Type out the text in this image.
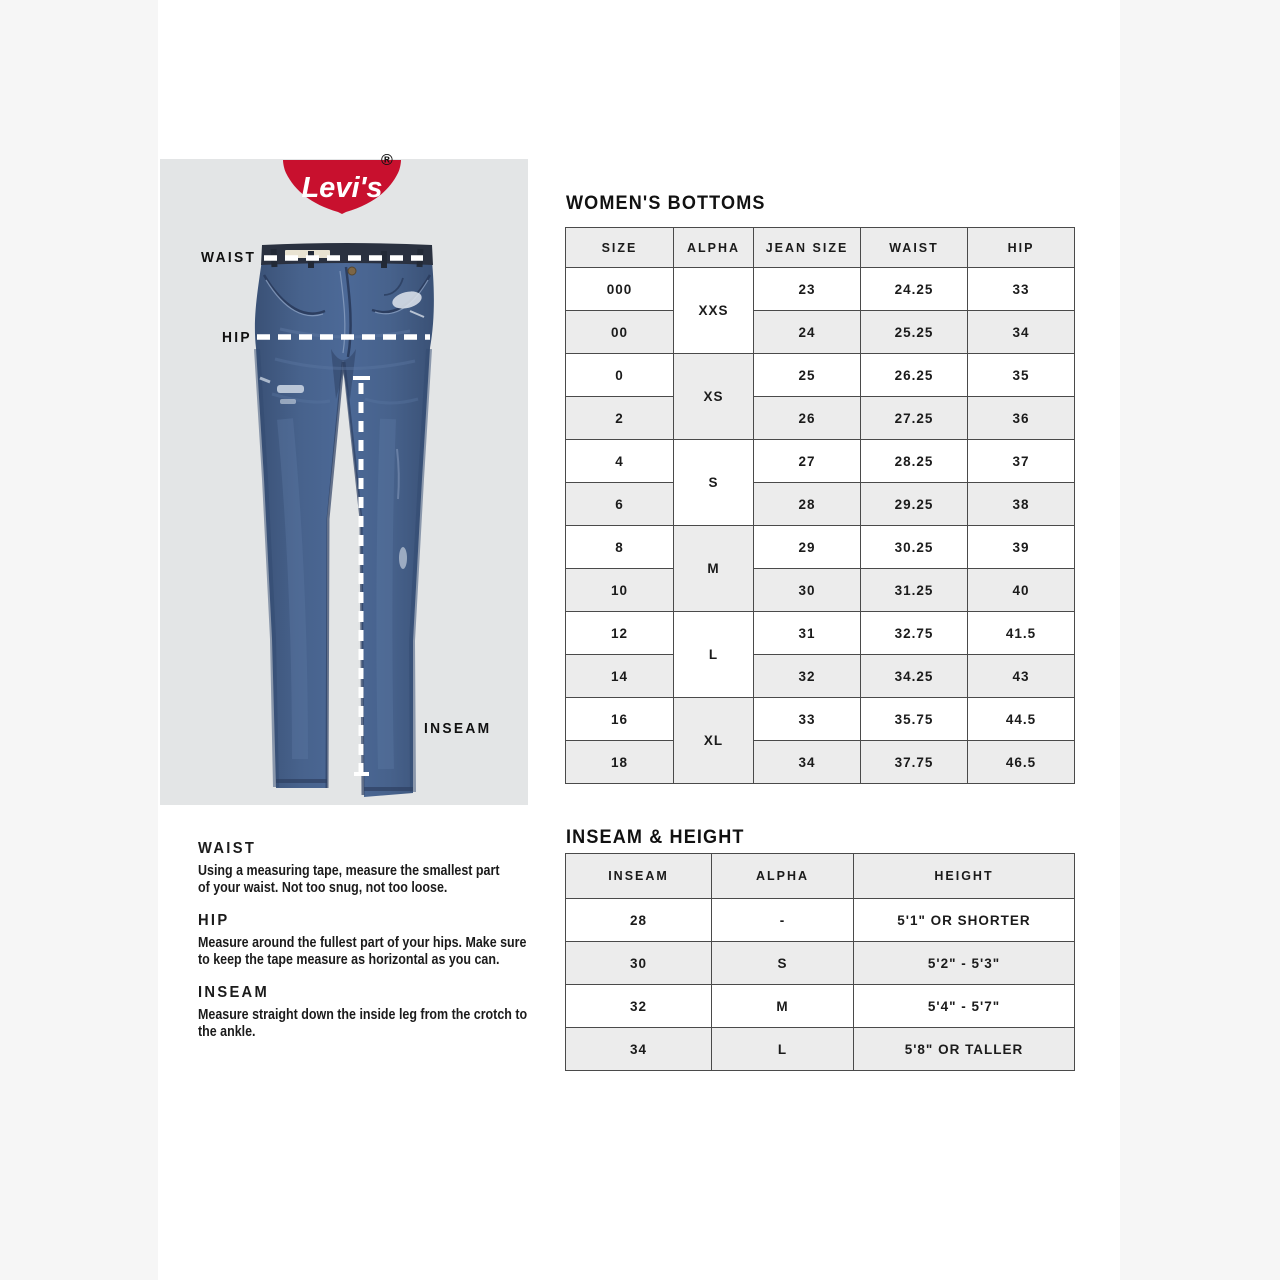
Levi's
®
WAIST
HIP
INSEAM
WOMEN'S BOTTOMS
SIZE	ALPHA	JEAN SIZE	WAIST	HIP
000	XXS	23	24.25	33
00		24	25.25	34
0	XS	25	26.25	35
2		26	27.25	36
4	S	27	28.25	37
6		28	29.25	38
8	M	29	30.25	39
10		30	31.25	40
12	L	31	32.75	41.5
14		32	34.25	43
16	XL	33	35.75	44.5
18		34	37.75	46.5
INSEAM & HEIGHT
INSEAM	ALPHA	HEIGHT
28	-	5'1" OR SHORTER
30	S	5'2" - 5'3"
32	M	5'4" - 5'7"
34	L	5'8" OR TALLER
WAIST
Using a measuring tape, measure the smallest part
of your waist. Not too snug, not too loose.
HIP
Measure around the fullest part of your hips. Make sure
to keep the tape measure as horizontal as you can.
INSEAM
Measure straight down the inside leg from the crotch to
the ankle.
